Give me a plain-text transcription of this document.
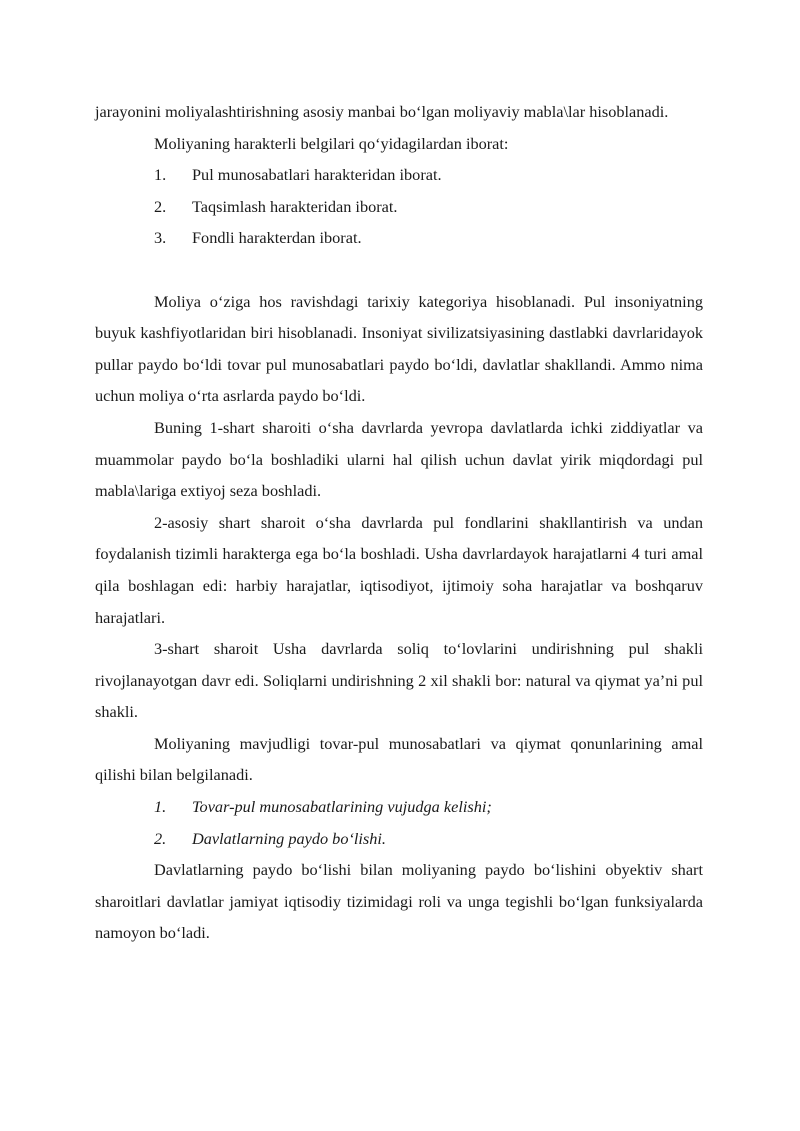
jarayonini moliyalashtirishning asosiy manbai bo‘lgan moliyaviy mabla\lar hisoblanadi.

Moliyaning harakterli belgilari qo‘yidagilardan iborat:

1. Pul munosabatlari harakteridan iborat.

2. Taqsimlash harakteridan iborat.

3. Fondli harakterdan iborat.

Moliya o‘ziga hos ravishdagi tarixiy kategoriya hisoblanadi. Pul insoniyatning buyuk kashfiyotlaridan biri hisoblanadi. Insoniyat sivilizatsiyasining dastlabki davrlaridayok pullar paydo bo‘ldi tovar pul munosabatlari paydo bo‘ldi, davlatlar shakllandi. Ammo nima uchun moliya o‘rta asrlarda paydo bo‘ldi.

Buning 1-shart sharoiti o‘sha davrlarda yevropa davlatlarda ichki ziddiyatlar va muammolar paydo bo‘la boshladiki ularni hal qilish uchun davlat yirik miqdordagi pul mabla\lariga extiyoj seza boshladi.

2-asosiy shart sharoit o‘sha davrlarda pul fondlarini shakllantirish va undan foydalanish tizimli harakterga ega bo‘la boshladi. Usha davrlardayok harajatlarni 4 turi amal qila boshlagan edi: harbiy harajatlar, iqtisodiyot, ijtimoiy soha harajatlar va boshqaruv harajatlari.

3-shart sharoit Usha davrlarda soliq to‘lovlarini undirishning pul shakli rivojlanayotgan davr edi. Soliqlarni undirishning 2 xil shakli bor: natural va qiymat ya’ni pul shakli.

Moliyaning mavjudligi tovar-pul munosabatlari va qiymat qonunlarining amal qilishi bilan belgilanadi.

1. Tovar-pul munosabatlarining vujudga kelishi;

2. Davlatlarning paydo bo‘lishi.

Davlatlarning paydo bo‘lishi bilan moliyaning paydo bo‘lishini obyektiv shart sharoitlari davlatlar jamiyat iqtisodiy tizimidagi roli va unga tegishli bo‘lgan funksiyalarda namoyon bo‘ladi.
